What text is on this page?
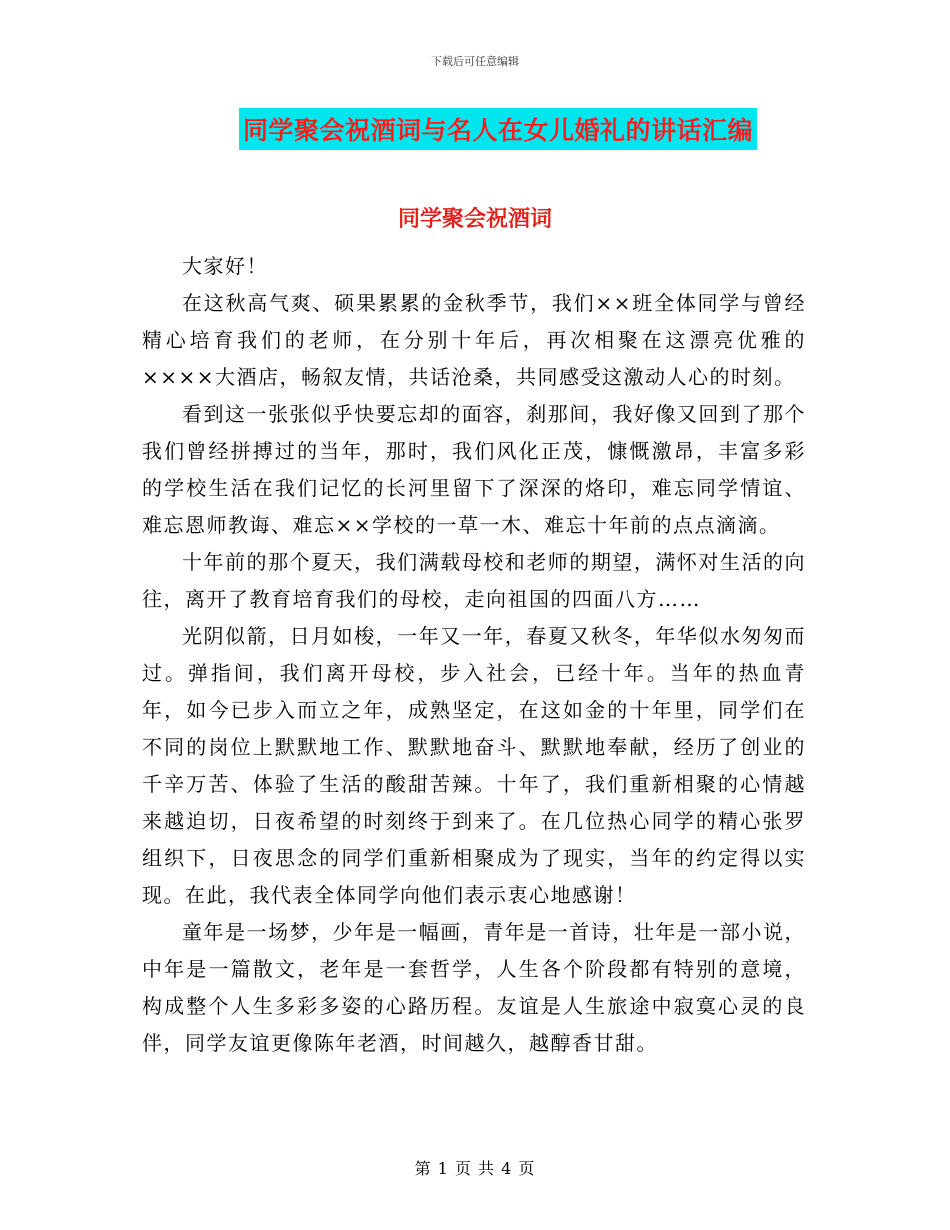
下载后可任意编辑
同学聚会祝酒词与名人在女儿婚礼的讲话汇编
同学聚会祝酒词

大家好！

在这秋高气爽、硕果累累的金秋季节，我们××班全体同学与曾经精心培育我们的老师，在分别十年后，再次相聚在这漂亮优雅的××××大酒店，畅叙友情，共话沧桑，共同感受这激动人心的时刻。

看到这一张张似乎快要忘却的面容，刹那间，我好像又回到了那个我们曾经拼搏过的当年，那时，我们风化正茂，慷慨激昂，丰富多彩的学校生活在我们记忆的长河里留下了深深的烙印，难忘同学情谊、难忘恩师教诲、难忘××学校的一草一木、难忘十年前的点点滴滴。

十年前的那个夏天，我们满载母校和老师的期望，满怀对生活的向往，离开了教育培育我们的母校，走向祖国的四面八方……

光阴似箭，日月如梭，一年又一年，春夏又秋冬，年华似水匆匆而过。弹指间，我们离开母校，步入社会，已经十年。当年的热血青年，如今已步入而立之年，成熟坚定，在这如金的十年里，同学们在不同的岗位上默默地工作、默默地奋斗、默默地奉献，经历了创业的千辛万苦、体验了生活的酸甜苦辣。十年了，我们重新相聚的心情越来越迫切，日夜希望的时刻终于到来了。在几位热心同学的精心张罗组织下，日夜思念的同学们重新相聚成为了现实，当年的约定得以实现。在此，我代表全体同学向他们表示衷心地感谢！

童年是一场梦，少年是一幅画，青年是一首诗，壮年是一部小说，中年是一篇散文，老年是一套哲学，人生各个阶段都有特别的意境，构成整个人生多彩多姿的心路历程。友谊是人生旅途中寂寞心灵的良伴，同学友谊更像陈年老酒，时间越久，越醇香甘甜。

第 1 页 共 4 页
